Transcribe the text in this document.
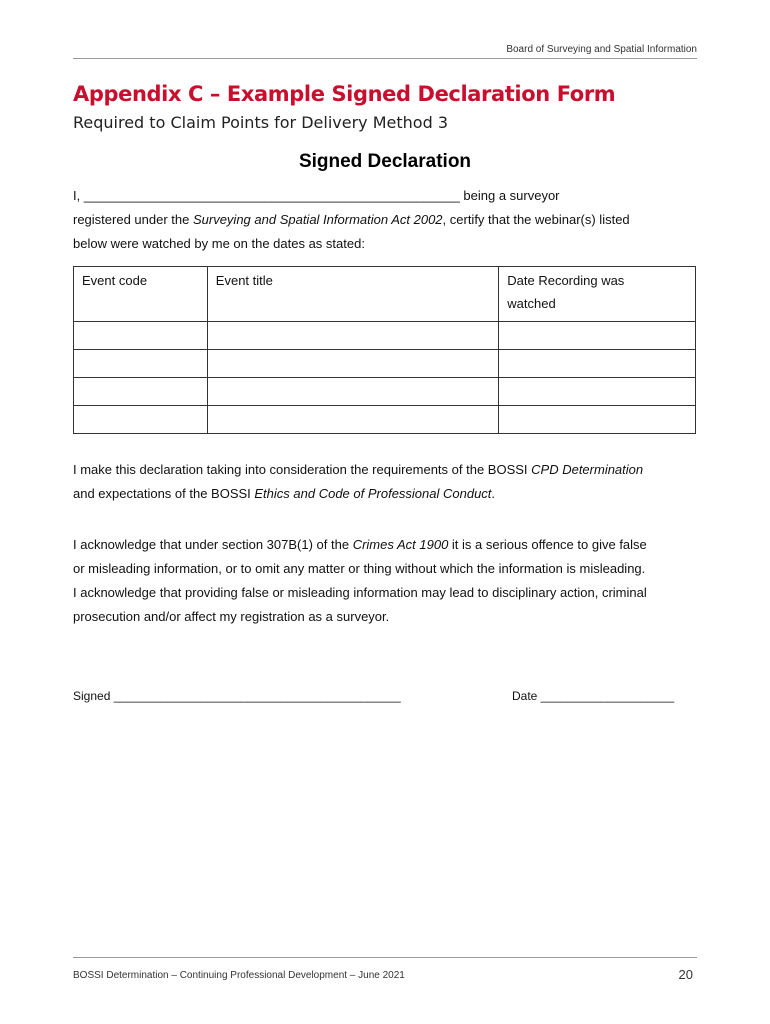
Board of Surveying and Spatial Information
Appendix C – Example Signed Declaration Form
Required to Claim Points for Delivery Method 3
Signed Declaration
I, ____________________________________________________ being a surveyor
registered under the Surveying and Spatial Information Act 2002, certify that the webinar(s) listed
below were watched by me on the dates as stated:
Event code	Event title	Date Recording was
watched

I make this declaration taking into consideration the requirements of the BOSSI CPD Determination
and expectations of the BOSSI Ethics and Code of Professional Conduct.
I acknowledge that under section 307B(1) of the Crimes Act 1900 it is a serious offence to give false
or misleading information, or to omit any matter or thing without which the information is misleading.
I acknowledge that providing false or misleading information may lead to disciplinary action, criminal
prosecution and/or affect my registration as a surveyor.
Signed ___________________________________________	Date ____________________
BOSSI Determination – Continuing Professional Development – June 2021	20
